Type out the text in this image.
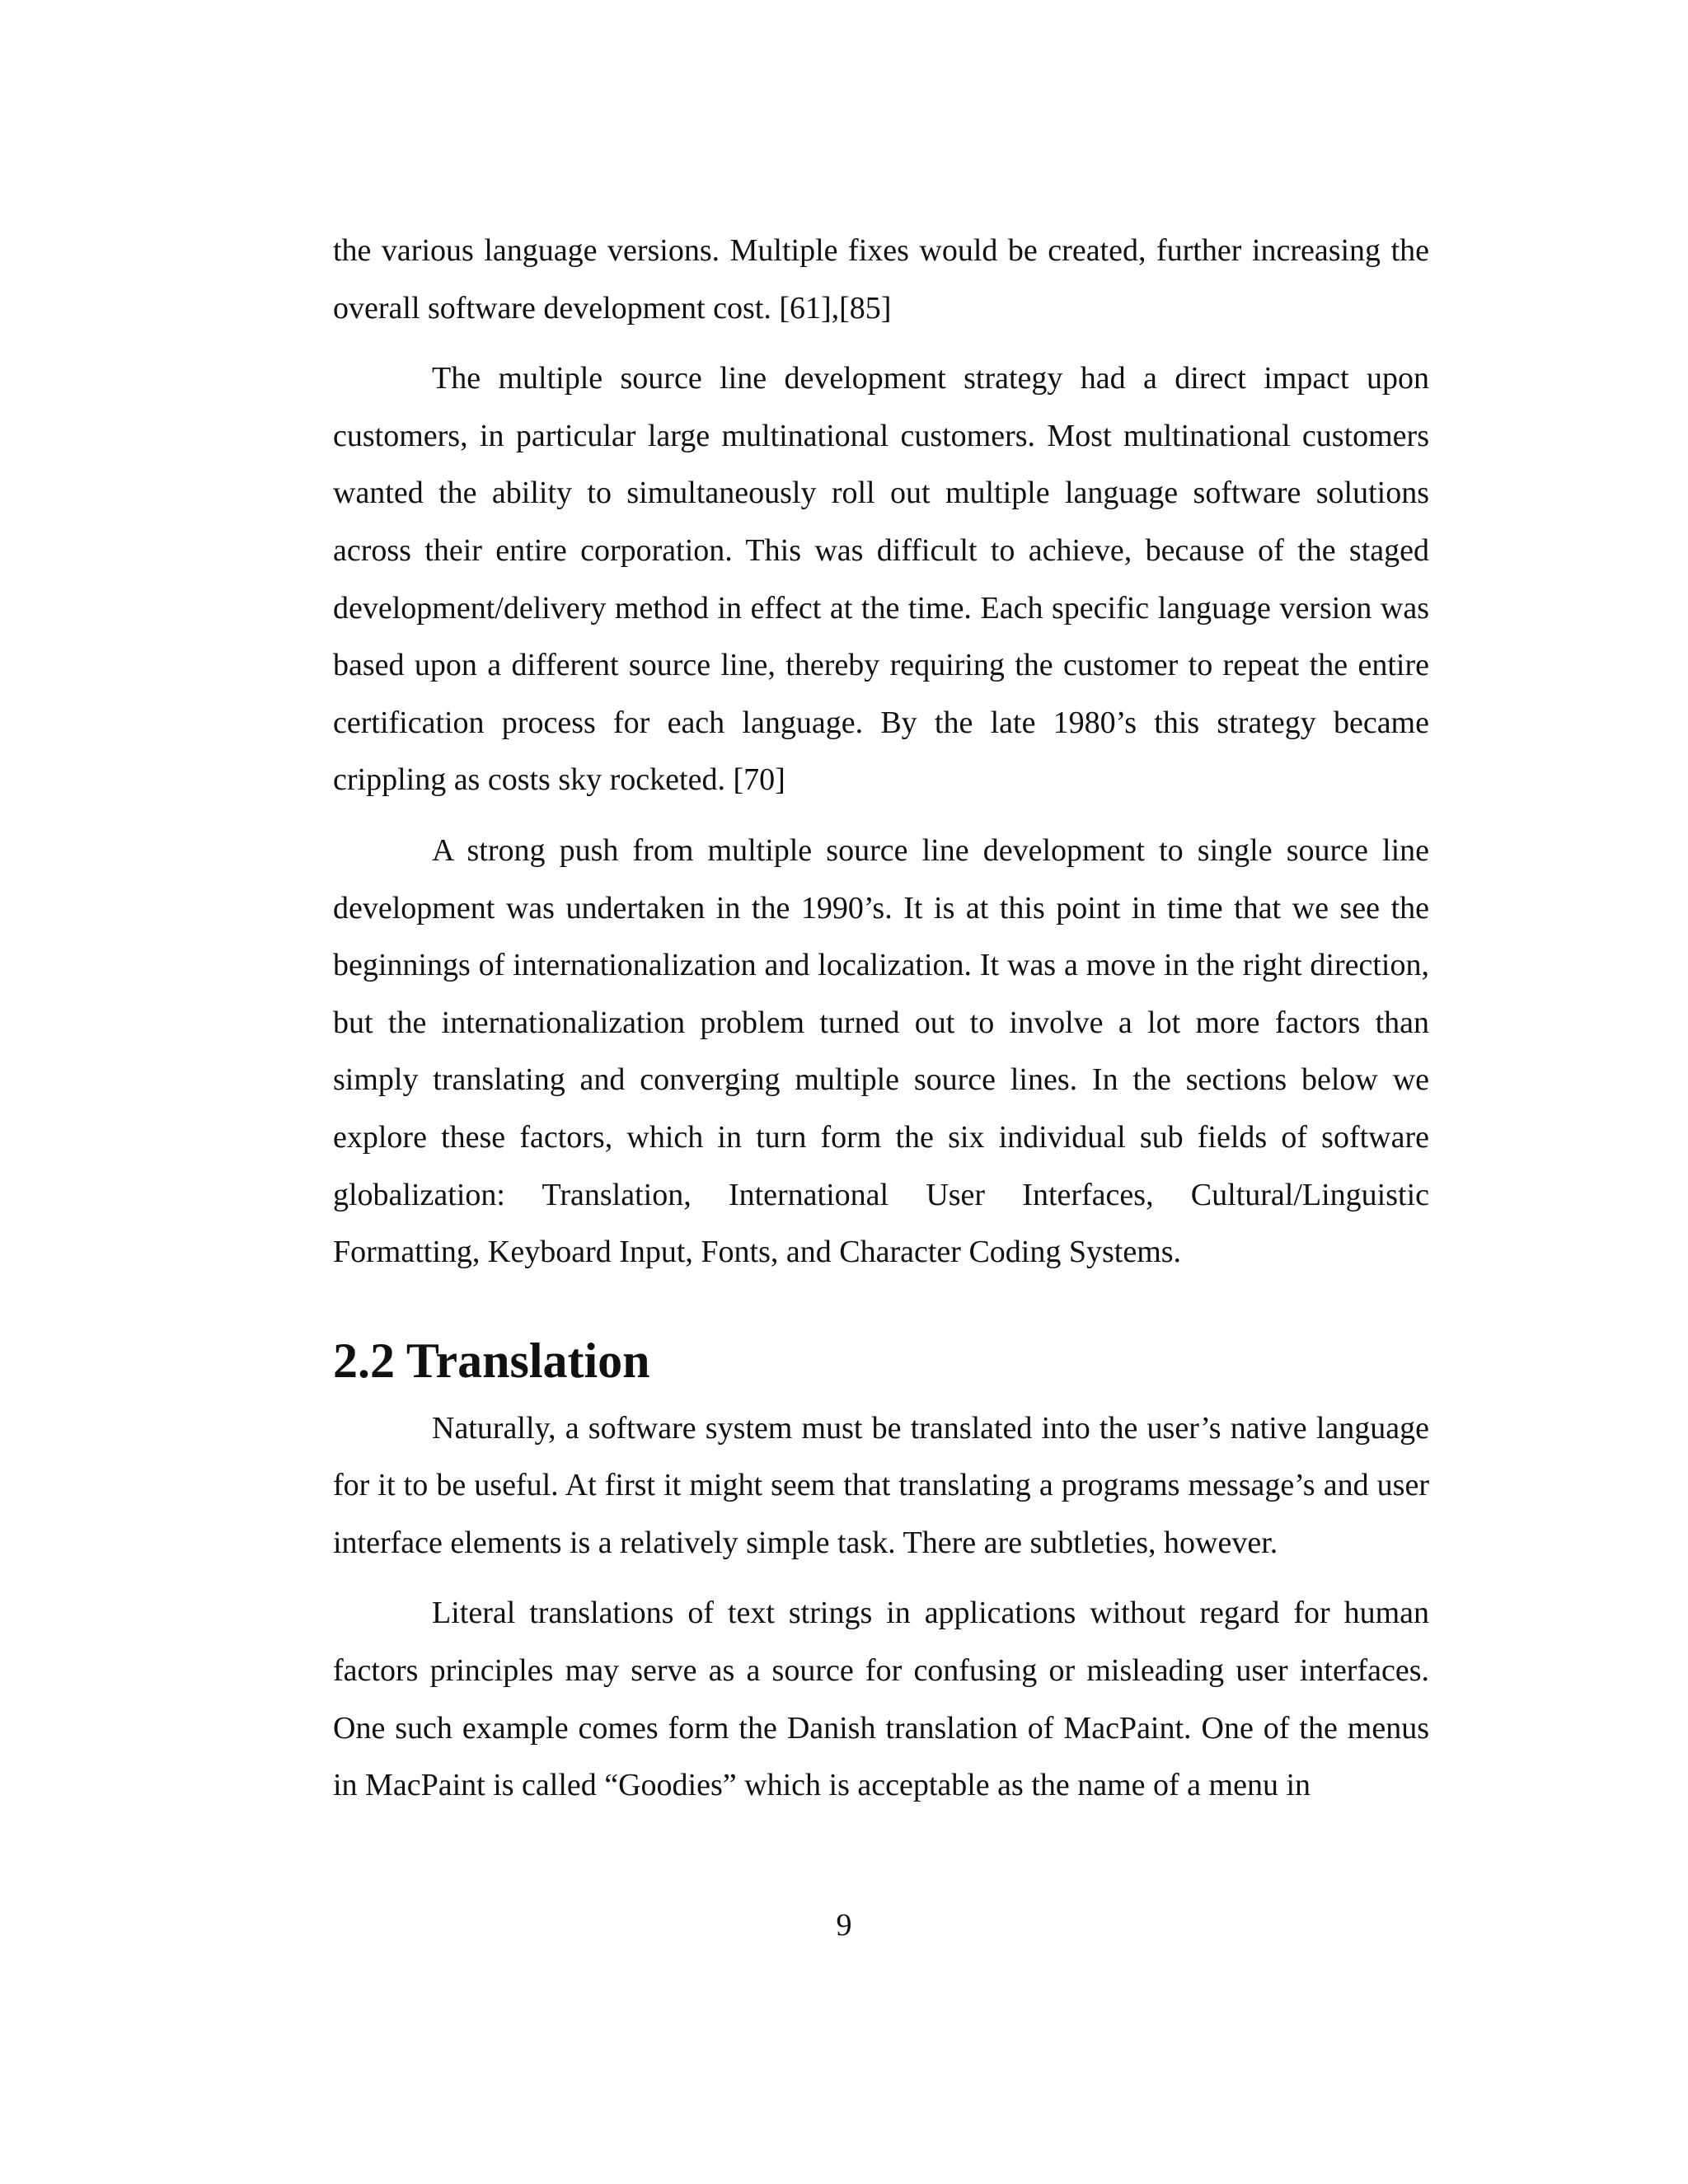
the various language versions. Multiple fixes would be created, further increasing the overall software development cost. [61],[85]

The multiple source line development strategy had a direct impact upon customers, in particular large multinational customers. Most multinational customers wanted the ability to simultaneously roll out multiple language software solutions across their entire corporation. This was difficult to achieve, because of the staged development/delivery method in effect at the time. Each specific language version was based upon a different source line, thereby requiring the customer to repeat the entire certification process for each language. By the late 1980’s this strategy became crippling as costs sky rocketed. [70]

A strong push from multiple source line development to single source line development was undertaken in the 1990’s. It is at this point in time that we see the beginnings of internationalization and localization. It was a move in the right direction, but the internationalization problem turned out to involve a lot more factors than simply translating and converging multiple source lines. In the sections below we explore these factors, which in turn form the six individual sub fields of software globalization: Translation, International User Interfaces, Cultural/Linguistic Formatting, Keyboard Input, Fonts, and Character Coding Systems.

2.2 Translation

Naturally, a software system must be translated into the user’s native language for it to be useful. At first it might seem that translating a programs message’s and user interface elements is a relatively simple task. There are subtleties, however.

Literal translations of text strings in applications without regard for human factors principles may serve as a source for confusing or misleading user interfaces. One such example comes form the Danish translation of MacPaint. One of the menus in MacPaint is called “Goodies” which is acceptable as the name of a menu in

9
